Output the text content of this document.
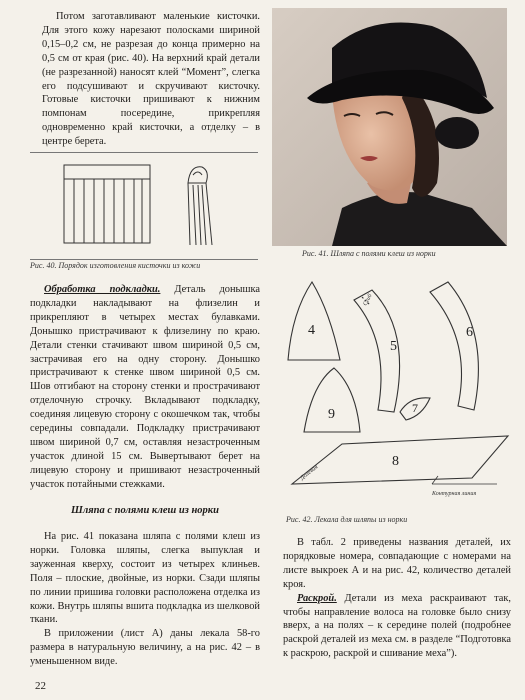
Потом заготавливают маленькие кисточки. Для этого кожу нарезают полосками шириной 0,15–0,2 см, не разрезая до конца примерно на 0,5 см от края (рис. 40). На верхний край детали (не разрезанной) наносят клей “Момент”, слегка его подсушивают и скручивают кисточку. Готовые кисточки пришивают к нижним помпонам посередине, прикрепляя одновременно край кисточки, а отделку – в центре берета.

Рис. 40. Порядок изготовления кисточки из кожи
Рис. 41. Шляпа с полями клеш из норки

Обработка подкладки. Деталь донышка подкладки накладывают на флизелин и прикрепляют в четырех местах булавками. Донышко пристрачивают к флизелину по краю. Детали стенки стачивают швом шириной 0,5 см, застрачивая его на одну сторону. Донышко пристрачивают к стенке швом шириной 0,5 см. Шов отгибают на сторону стенки и прострачивают отделочную строчку. Вкладывают подкладку, соединяя лицевую сторону с окошечком так, чтобы середины совпадали. Подкладку пристрачивают швом шириной 0,7 см, оставляя незастроченным участок длиной 15 см. Вывертывают берет на лицевую сторону и пришивают незастроченный участок потайными стежками.

Шляпа с полями клеш из норки

На рис. 41 показана шляпа с полями клеш из норки. Головка шляпы, слегка выпуклая и зауженная кверху, состоит из четырех клиньев. Поля – плоские, двойные, из норки. Сзади шляпы по линии пришива головки расположена отделка из кожи. Внутрь шляпы вшита подкладка из шелковой ткани.

В приложении (лист А) даны лекала 58-го размера в натуральную величину, а на рис. 42 – в уменьшенном виде.

4
5
6
7
8
9
Долевая
Сгиб
Контурная линия
Рис. 42. Лекала для шляпы из норки

В табл. 2 приведены названия деталей, их порядковые номера, совпадающие с номерами на листе выкроек А и на рис. 42, количество деталей кроя.

Раскрой. Детали из меха раскраивают так, чтобы направление волоса на головке было снизу вверх, а на полях – к середине полей (подробнее раскрой деталей из меха см. в разделе “Подготовка к раскрою, раскрой и сшивание меха”).

22
